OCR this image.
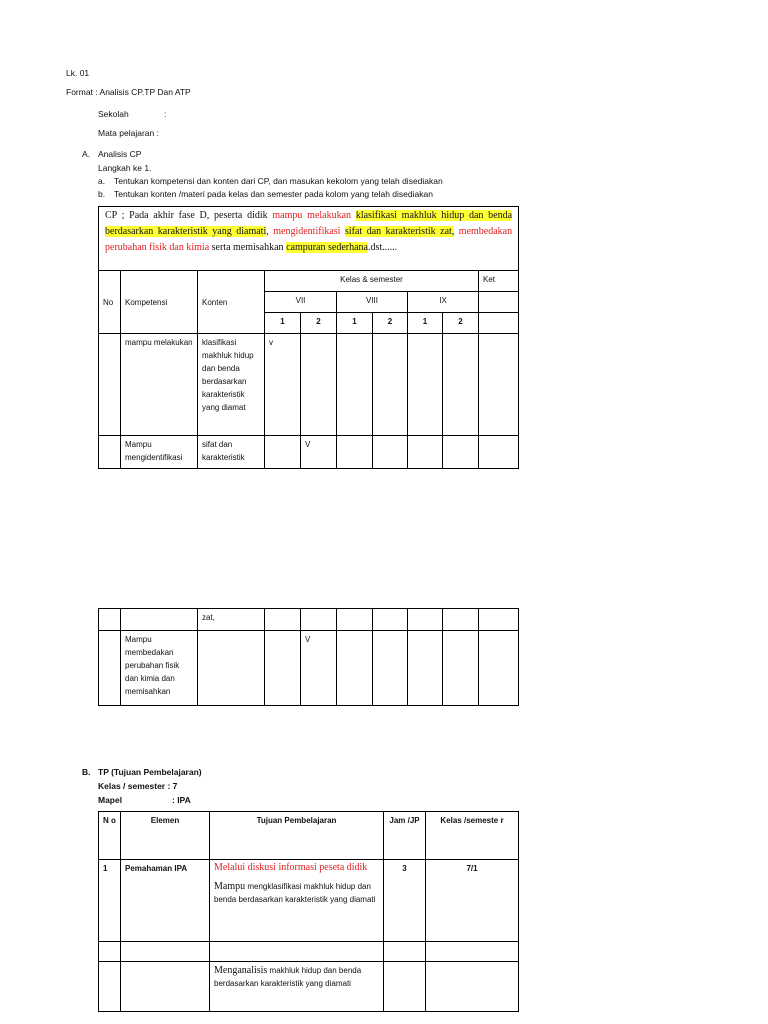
Lk. 01
Format : Analisis CP.TP Dan ATP
Sekolah	:
Mata pelajaran :
A. Analisis CP
Langkah ke 1.
a. Tentukan kompetensi dan konten dari CP, dan masukan kekolom yang telah disediakan
b. Tentukan konten /materi pada kelas dan semester pada kolom yang telah disediakan
CP ; Pada akhir fase D, peserta didik mampu melakukan klasifikasi makhluk hidup dan benda berdasarkan karakteristik yang diamati, mengidentifikasi sifat dan karakteristik zat, membedakan perubahan fisik dan kimia serta memisahkan campuran sederhana.dst......									
No	Kompetensi	Konten	Kelas & semester						Ket
			VII		VIII		IX		
			1	2	1	2	1	2	
	mampu melakukan	klasifikasi makhluk hidup dan benda berdasarkan karakteristik yang diamat	v						
	Mampu mengidentifikasi	sifat dan karakteristik		V					
		zat,							
	Mampu membedakan perubahan fisik dan kimia dan memisahkan			V					
B. TP (Tujuan Pembelajaran)
Kelas / semester : 7
Mapel	: IPA
N o	Elemen	Tujuan Pembelajaran	Jam /JP	Kelas /semeste r
1	Pemahaman IPA	Melalui diskusi informasi peseta didik
Mampu mengklasifikasi makhluk hidup dan benda berdasarkan karakteristik yang diamati	3	7/1

		Menganalisis makhluk hidup dan benda berdasarkan karakteristik yang diamati		
